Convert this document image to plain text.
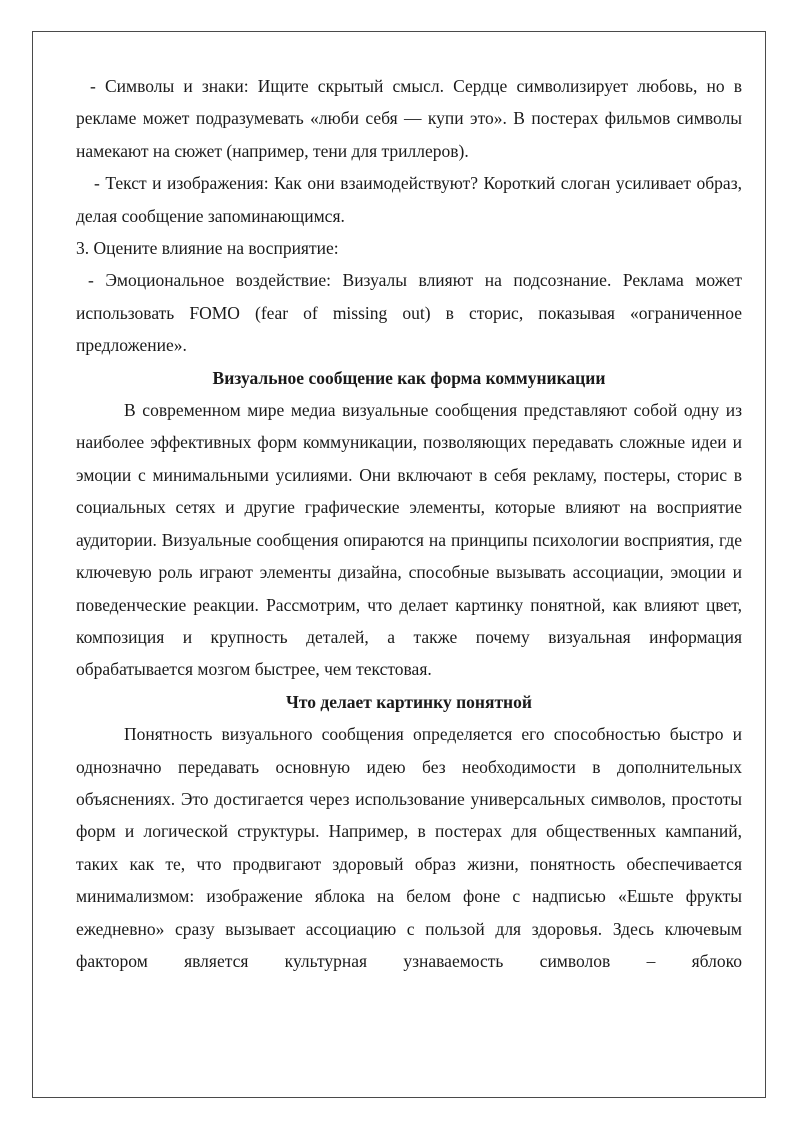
- Символы и знаки: Ищите скрытый смысл. Сердце символизирует любовь, но в рекламе может подразумевать «люби себя — купи это». В постерах фильмов символы намекают на сюжет (например, тени для триллеров).

- Текст и изображения: Как они взаимодействуют? Короткий слоган усиливает образ, делая сообщение запоминающимся.

3. Оцените влияние на восприятие:

- Эмоциональное воздействие: Визуалы влияют на подсознание. Реклама может использовать FOMO (fear of missing out) в сторис, показывая «ограниченное предложение».

Визуальное сообщение как форма коммуникации

В современном мире медиа визуальные сообщения представляют собой одну из наиболее эффективных форм коммуникации, позволяющих передавать сложные идеи и эмоции с минимальными усилиями. Они включают в себя рекламу, постеры, сторис в социальных сетях и другие графические элементы, которые влияют на восприятие аудитории. Визуальные сообщения опираются на принципы психологии восприятия, где ключевую роль играют элементы дизайна, способные вызывать ассоциации, эмоции и поведенческие реакции. Рассмотрим, что делает картинку понятной, как влияют цвет, композиция и крупность деталей, а также почему визуальная информация обрабатывается мозгом быстрее, чем текстовая.

Что делает картинку понятной

Понятность визуального сообщения определяется его способностью быстро и однозначно передавать основную идею без необходимости в дополнительных объяснениях. Это достигается через использование универсальных символов, простоты форм и логической структуры. Например, в постерах для общественных кампаний, таких как те, что продвигают здоровый образ жизни, понятность обеспечивается минимализмом: изображение яблока на белом фоне с надписью «Ешьте фрукты ежедневно» сразу вызывает ассоциацию с пользой для здоровья. Здесь ключевым фактором является культурная узнаваемость символов – яблоко
